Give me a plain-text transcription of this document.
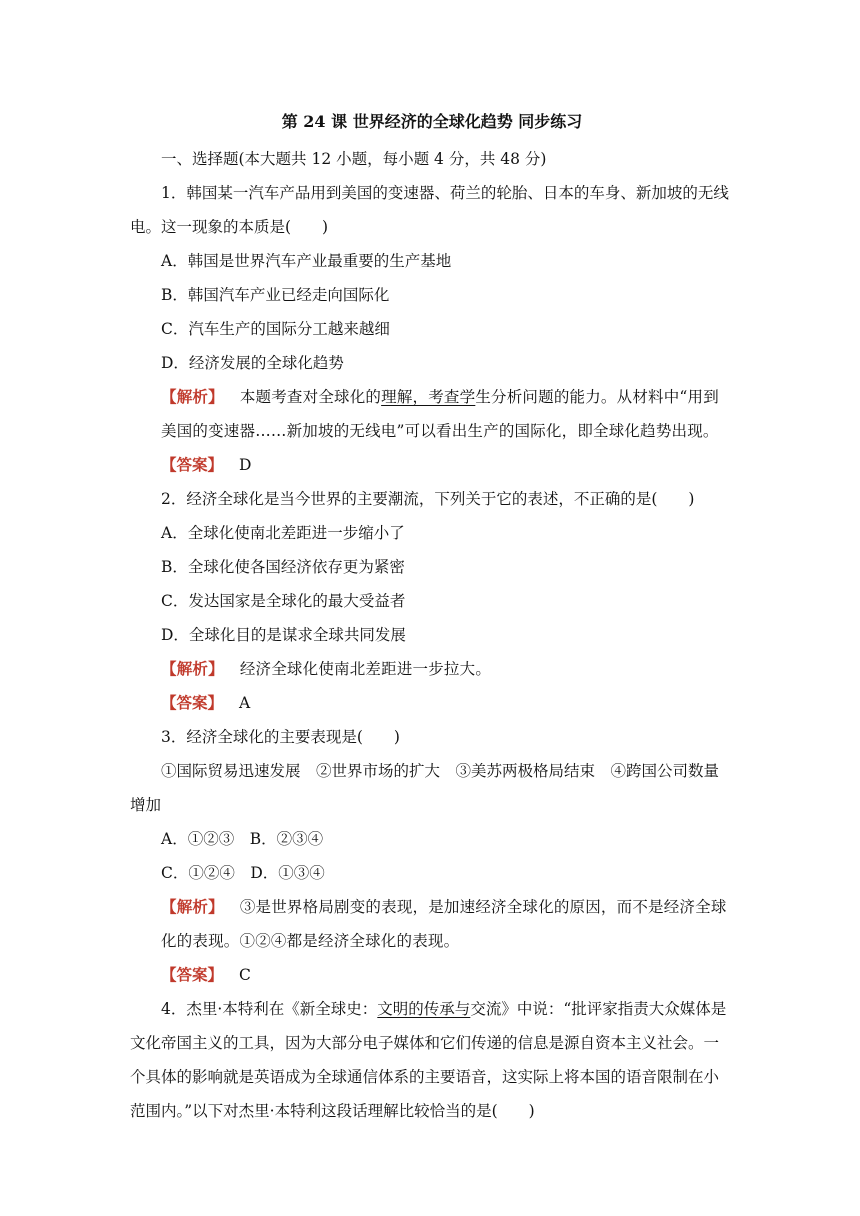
第 24 课 世界经济的全球化趋势 同步练习

一、选择题(本大题共 12 小题，每小题 4 分，共 48 分)

1．韩国某一汽车产品用到美国的变速器、荷兰的轮胎、日本的车身、新加坡的无线电。这一现象的本质是(　　)

A．韩国是世界汽车产业最重要的生产基地

B．韩国汽车产业已经走向国际化

C．汽车生产的国际分工越来越细

D．经济发展的全球化趋势

【解析】 本题考查对全球化的理解，考查学生分析问题的能力。从材料中“用到美国的变速器……新加坡的无线电”可以看出生产的国际化，即全球化趋势出现。

【答案】 D

2．经济全球化是当今世界的主要潮流，下列关于它的表述，不正确的是(　　)

A．全球化使南北差距进一步缩小了

B．全球化使各国经济依存更为紧密

C．发达国家是全球化的最大受益者

D．全球化目的是谋求全球共同发展

【解析】 经济全球化使南北差距进一步拉大。

【答案】 A

3．经济全球化的主要表现是(　　)

①国际贸易迅速发展　②世界市场的扩大　③美苏两极格局结束　④跨国公司数量增加

A．①②③　B．②③④

C．①②④　D．①③④

【解析】 ③是世界格局剧变的表现，是加速经济全球化的原因，而不是经济全球化的表现。①②④都是经济全球化的表现。

【答案】 C

4．杰里·本特利在《新全球史：文明的传承与交流》中说：“批评家指责大众媒体是文化帝国主义的工具，因为大部分电子媒体和它们传递的信息是源自资本主义社会。一个具体的影响就是英语成为全球通信体系的主要语音，这实际上将本国的语音限制在小范围内。”以下对杰里·本特利这段话理解比较恰当的是(　　)
